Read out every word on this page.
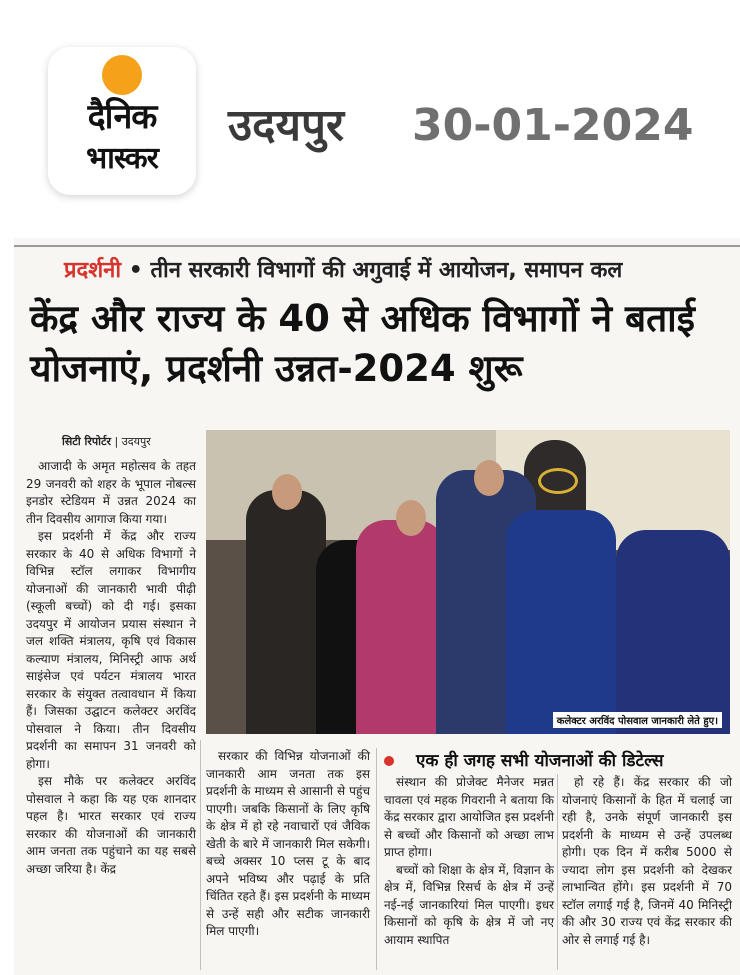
दैनिक
भास्कर
उदयपुर 30-01-2024
प्रदर्शनी • तीन सरकारी विभागों की अगुवाई में आयोजन, समापन कल
केंद्र और राज्य के 40 से अधिक विभागों ने बताई योजनाएं, प्रदर्शनी उन्नत-2024 शुरू
सिटी रिपोर्टर | उदयपुर
कलेक्टर अरविंद पोसवाल जानकारी लेते हुए।

आजादी के अमृत महोत्सव के तहत 29 जनवरी को शहर के भूपाल नोबल्स इनडोर स्टेडियम में उन्नत 2024 का तीन दिवसीय आगाज किया गया।

इस प्रदर्शनी में केंद्र और राज्य सरकार के 40 से अधिक विभागों ने विभिन्न स्टॉल लगाकर विभागीय योजनाओं की जानकारी भावी पीढ़ी (स्कूली बच्चों) को दी गई। इसका उदयपुर में आयोजन प्रयास संस्थान ने जल शक्ति मंत्रालय, कृषि एवं विकास कल्याण मंत्रालय, मिनिस्ट्री आफ अर्थ साइंसेज एवं पर्यटन मंत्रालय भारत सरकार के संयुक्त तत्वावधान में किया हैं। जिसका उद्घाटन कलेक्टर अरविंद पोसवाल ने किया। तीन दिवसीय प्रदर्शनी का समापन 31 जनवरी को होगा।

इस मौके पर कलेक्टर अरविंद पोसवाल ने कहा कि यह एक शानदार पहल है। भारत सरकार एवं राज्य सरकार की योजनाओं की जानकारी आम जनता तक पहुंचाने का यह सबसे अच्छा जरिया है। केंद्र

सरकार की विभिन्न योजनाओं की जानकारी आम जनता तक इस प्रदर्शनी के माध्यम से आसानी से पहुंच पाएगी। जबकि किसानों के लिए कृषि के क्षेत्र में हो रहे नवाचारों एवं जैविक खेती के बारे में जानकारी मिल सकेगी। बच्चे अक्सर 10 प्लस टू के बाद अपने भविष्य और पढ़ाई के प्रति चिंतित रहते हैं। इस प्रदर्शनी के माध्यम से उन्हें सही और सटीक जानकारी मिल पाएगी।

एक ही जगह सभी योजनाओं की डिटेल्स

संस्थान की प्रोजेक्ट मैनेजर मन्नत चावला एवं महक गिवरानी ने बताया कि केंद्र सरकार द्वारा आयोजित इस प्रदर्शनी से बच्चों और किसानों को अच्छा लाभ प्राप्त होगा।

बच्चों को शिक्षा के क्षेत्र में, विज्ञान के क्षेत्र में, विभिन्न रिसर्च के क्षेत्र में उन्हें नई-नई जानकारियां मिल पाएगी। इधर किसानों को कृषि के क्षेत्र में जो नए आयाम स्थापित

हो रहे हैं। केंद्र सरकार की जो योजनाएं किसानों के हित में चलाई जा रही है, उनके संपूर्ण जानकारी इस प्रदर्शनी के माध्यम से उन्हें उपलब्ध होगी। एक दिन में करीब 5000 से ज्यादा लोग इस प्रदर्शनी को देखकर लाभान्वित होंगे। इस प्रदर्शनी में 70 स्टॉल लगाई गई है, जिनमें 40 मिनिस्ट्री की और 30 राज्य एवं केंद्र सरकार की ओर से लगाई गई है।
